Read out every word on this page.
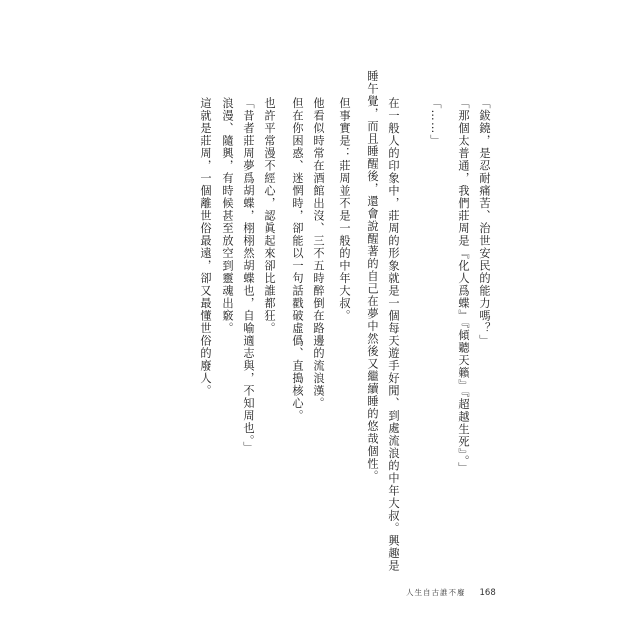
「鈸鐃，是忍耐痛苦、治世安民的能力嗎？」
「那個太普通，我們莊周是『化人爲蝶』『傾聽天籟』『超越生死』。」
「……」
在一般人的印象中，莊周的形象就是一個每天遊手好閒、到處流浪的中年大叔。興趣是
睡午覺，而且睡醒後，還會說醒著的自己在夢中然後又繼續睡的悠哉個性。
但事實是：莊周並不是一般的中年大叔。
他看似時常在酒館出沒、三不五時醉倒在路邊的流浪漢。
但在你困惑、迷惘時，卻能以一句話戳破虛僞、直搗核心。
也許平常漫不經心，認眞起來卻比誰都狂。
「昔者莊周夢爲胡蝶，栩栩然胡蝶也，自喻適志與，不知周也。」
浪漫、隨興，有時候甚至放空到靈魂出竅。
這就是莊周，一個離世俗最遠，卻又最懂世俗的廢人。
人生自古誰不廢 168
